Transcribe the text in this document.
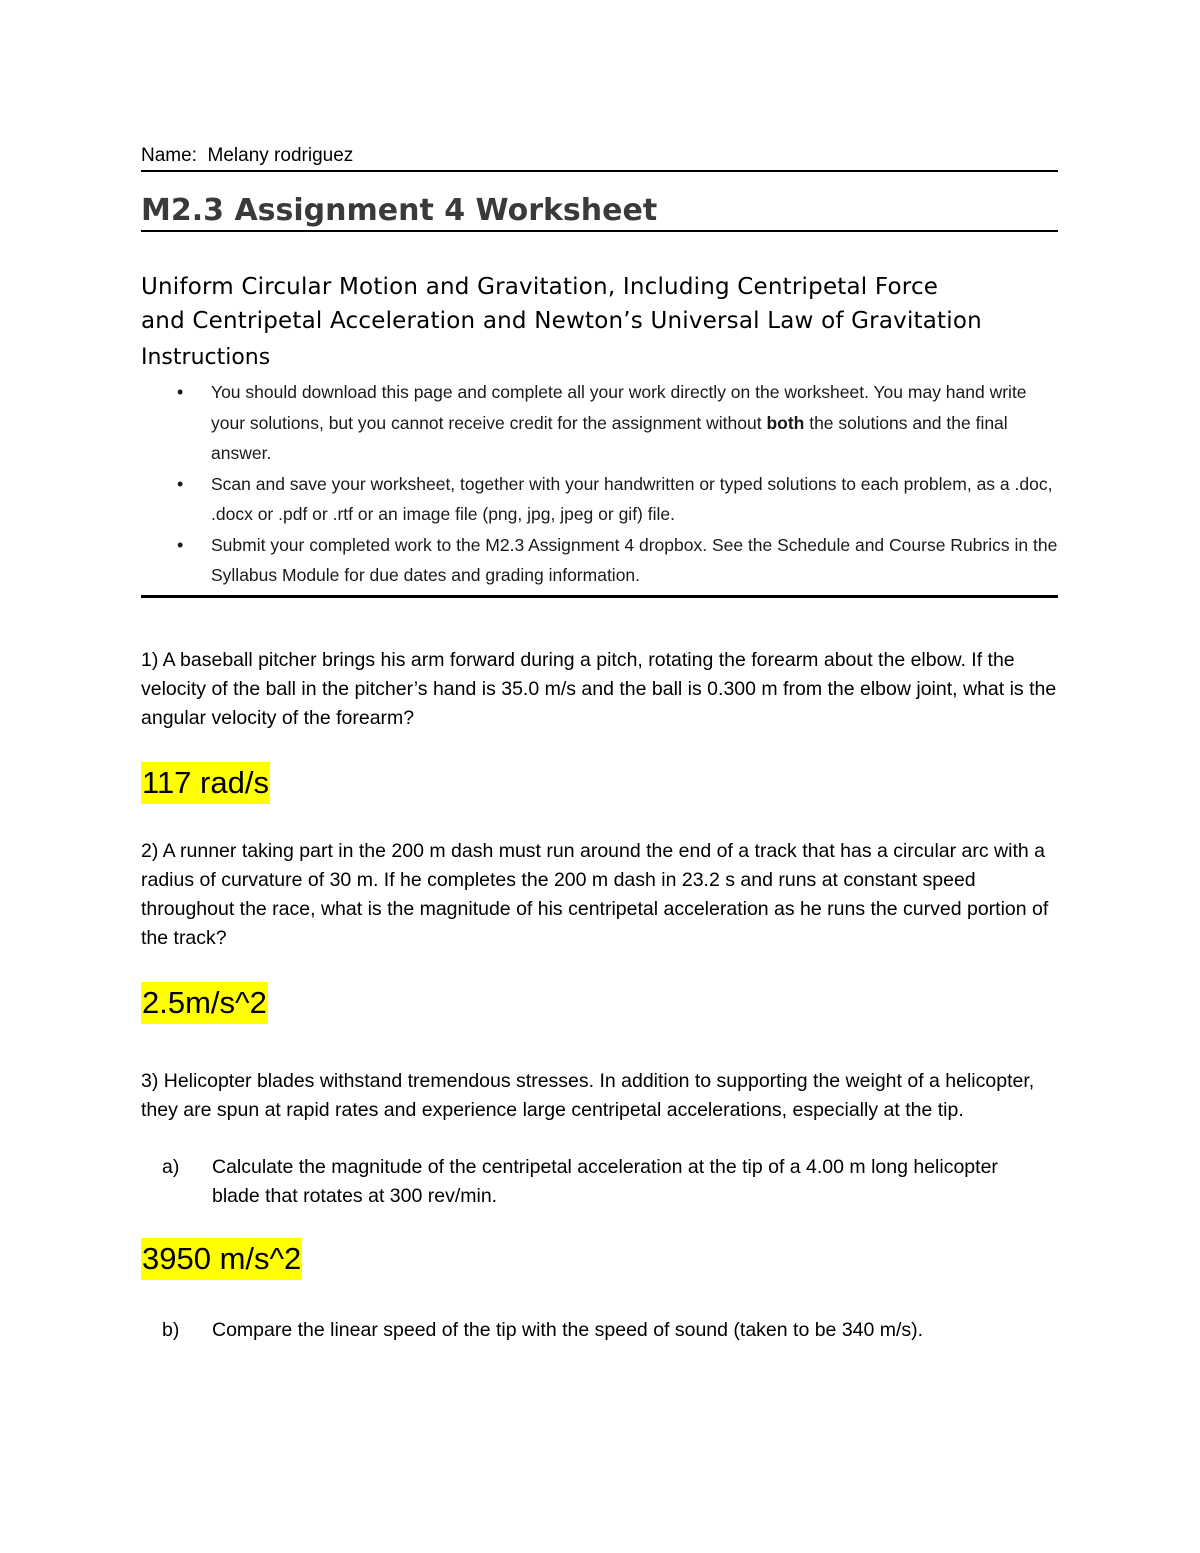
Name: Melany rodriguez
M2.3 Assignment 4 Worksheet
Uniform Circular Motion and Gravitation, Including Centripetal Force
and Centripetal Acceleration and Newton’s Universal Law of Gravitation
Instructions
• You should download this page and complete all your work directly on the worksheet. You may hand write your solutions, but you cannot receive credit for the assignment without both the solutions and the final answer.
• Scan and save your worksheet, together with your handwritten or typed solutions to each problem, as a .doc, .docx or .pdf or .rtf or an image file (png, jpg, jpeg or gif) file.
• Submit your completed work to the M2.3 Assignment 4 dropbox. See the Schedule and Course Rubrics in the Syllabus Module for due dates and grading information.
1) A baseball pitcher brings his arm forward during a pitch, rotating the forearm about the elbow. If the velocity of the ball in the pitcher’s hand is 35.0 m/s and the ball is 0.300 m from the elbow joint, what is the angular velocity of the forearm?
117 rad/s
2) A runner taking part in the 200 m dash must run around the end of a track that has a circular arc with a radius of curvature of 30 m. If he completes the 200 m dash in 23.2 s and runs at constant speed throughout the race, what is the magnitude of his centripetal acceleration as he runs the curved portion of the track?
2.5m/s^2
3) Helicopter blades withstand tremendous stresses. In addition to supporting the weight of a helicopter, they are spun at rapid rates and experience large centripetal accelerations, especially at the tip.
a)	Calculate the magnitude of the centripetal acceleration at the tip of a 4.00 m long helicopter blade that rotates at 300 rev/min.
3950 m/s^2
b)	Compare the linear speed of the tip with the speed of sound (taken to be 340 m/s).
